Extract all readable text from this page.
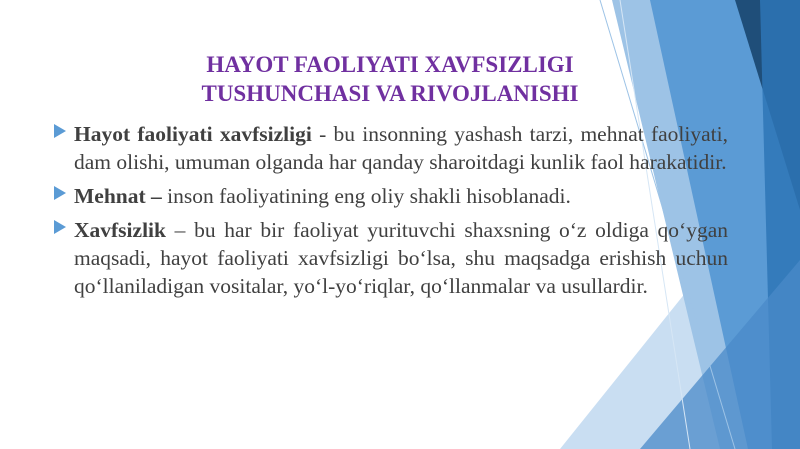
HAYOT FAOLIYATI XAVFSIZLIGI
TUSHUNCHASI VA RIVOJLANISHI
Hayot faoliyati xavfsizligi - bu insonning yashash tarzi, mehnat faoliyati, dam olishi, umuman olganda har qanday sharoitdagi kunlik faol harakatidir.
Mehnat – inson faoliyatining eng oliy shakli hisoblanadi.
Xavfsizlik – bu har bir faoliyat yurituvchi shaxsning o‘z oldiga qo‘ygan maqsadi, hayot faoliyati xavfsizligi bo‘lsa, shu maqsadga erishish uchun qo‘llaniladigan vositalar, yo‘l-yo‘riqlar, qo‘llanmalar va usullardir.
